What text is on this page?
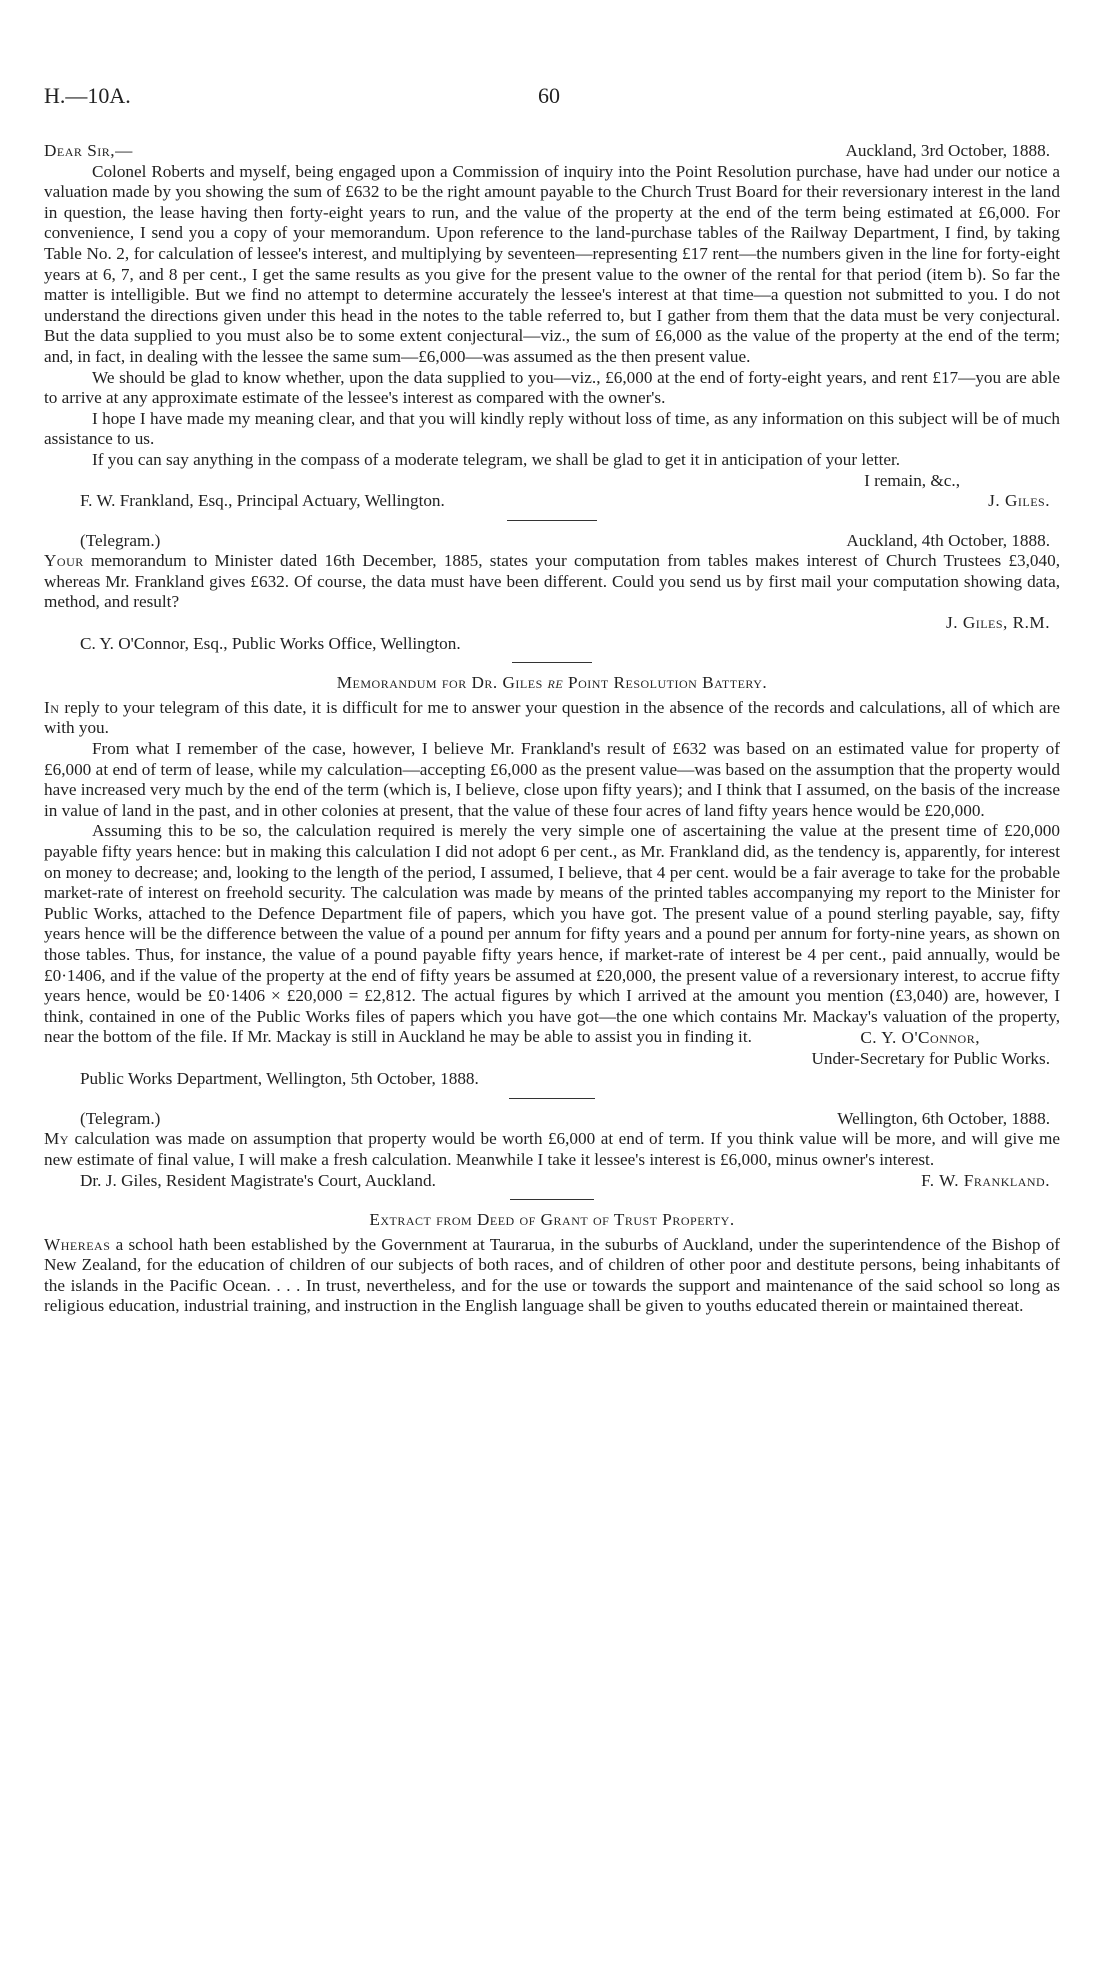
H.—10A.	60
Dear Sir,—	Auckland, 3rd October, 1888.

Colonel Roberts and myself, being engaged upon a Commission of inquiry into the Point Resolution purchase, have had under our notice a valuation made by you showing the sum of £632 to be the right amount payable to the Church Trust Board for their reversionary interest in the land in question, the lease having then forty-eight years to run, and the value of the property at the end of the term being estimated at £6,000. For convenience, I send you a copy of your memorandum. Upon reference to the land-purchase tables of the Railway Department, I find, by taking Table No. 2, for calculation of lessee's interest, and multiplying by seventeen—representing £17 rent—the numbers given in the line for forty-eight years at 6, 7, and 8 per cent., I get the same results as you give for the present value to the owner of the rental for that period (item b). So far the matter is intelligible. But we find no attempt to determine accurately the lessee's interest at that time—a question not submitted to you. I do not understand the directions given under this head in the notes to the table referred to, but I gather from them that the data must be very conjectural. But the data supplied to you must also be to some extent conjectural—viz., the sum of £6,000 as the value of the property at the end of the term; and, in fact, in dealing with the lessee the same sum—£6,000—was assumed as the then present value.

We should be glad to know whether, upon the data supplied to you—viz., £6,000 at the end of forty-eight years, and rent £17—you are able to arrive at any approximate estimate of the lessee's interest as compared with the owner's.

I hope I have made my meaning clear, and that you will kindly reply without loss of time, as any information on this subject will be of much assistance to us.

If you can say anything in the compass of a moderate telegram, we shall be glad to get it in anticipation of your letter.

I remain, &c.,
F. W. Frankland, Esq., Principal Actuary, Wellington.	J. Giles.
(Telegram.)	Auckland, 4th October, 1888.

Your memorandum to Minister dated 16th December, 1885, states your computation from tables makes interest of Church Trustees £3,040, whereas Mr. Frankland gives £632. Of course, the data must have been different. Could you send us by first mail your computation showing data, method, and result?

J. Giles, R.M.
C. Y. O'Connor, Esq., Public Works Office, Wellington.
Memorandum for Dr. Giles re Point Resolution Battery.

In reply to your telegram of this date, it is difficult for me to answer your question in the absence of the records and calculations, all of which are with you.

From what I remember of the case, however, I believe Mr. Frankland's result of £632 was based on an estimated value for property of £6,000 at end of term of lease, while my calculation—accepting £6,000 as the present value—was based on the assumption that the property would have increased very much by the end of the term (which is, I believe, close upon fifty years); and I think that I assumed, on the basis of the increase in value of land in the past, and in other colonies at present, that the value of these four acres of land fifty years hence would be £20,000.

Assuming this to be so, the calculation required is merely the very simple one of ascertaining the value at the present time of £20,000 payable fifty years hence: but in making this calculation I did not adopt 6 per cent., as Mr. Frankland did, as the tendency is, apparently, for interest on money to decrease; and, looking to the length of the period, I assumed, I believe, that 4 per cent. would be a fair average to take for the probable market-rate of interest on freehold security. The calculation was made by means of the printed tables accompanying my report to the Minister for Public Works, attached to the Defence Department file of papers, which you have got. The present value of a pound sterling payable, say, fifty years hence will be the difference between the value of a pound per annum for fifty years and a pound per annum for forty-nine years, as shown on those tables. Thus, for instance, the value of a pound payable fifty years hence, if market-rate of interest be 4 per cent., paid annually, would be £0·1406, and if the value of the property at the end of fifty years be assumed at £20,000, the present value of a reversionary interest, to accrue fifty years hence, would be £0·1406 × £20,000 = £2,812. The actual figures by which I arrived at the amount you mention (£3,040) are, however, I think, contained in one of the Public Works files of papers which you have got—the one which contains Mr. Mackay's valuation of the property, near the bottom of the file. If Mr. Mackay is still in Auckland he may be able to assist you in finding it.	C. Y. O'Connor,
Under-Secretary for Public Works.
Public Works Department, Wellington, 5th October, 1888.
(Telegram.)	Wellington, 6th October, 1888.

My calculation was made on assumption that property would be worth £6,000 at end of term. If you think value will be more, and will give me new estimate of final value, I will make a fresh calculation. Meanwhile I take it lessee's interest is £6,000, minus owner's interest.

Dr. J. Giles, Resident Magistrate's Court, Auckland.	F. W. Frankland.
Extract from Deed of Grant of Trust Property.

Whereas a school hath been established by the Government at Taurarua, in the suburbs of Auckland, under the superintendence of the Bishop of New Zealand, for the education of children of our subjects of both races, and of children of other poor and destitute persons, being inhabitants of the islands in the Pacific Ocean. . . . In trust, nevertheless, and for the use or towards the support and maintenance of the said school so long as religious education, industrial training, and instruction in the English language shall be given to youths educated therein or maintained thereat.
